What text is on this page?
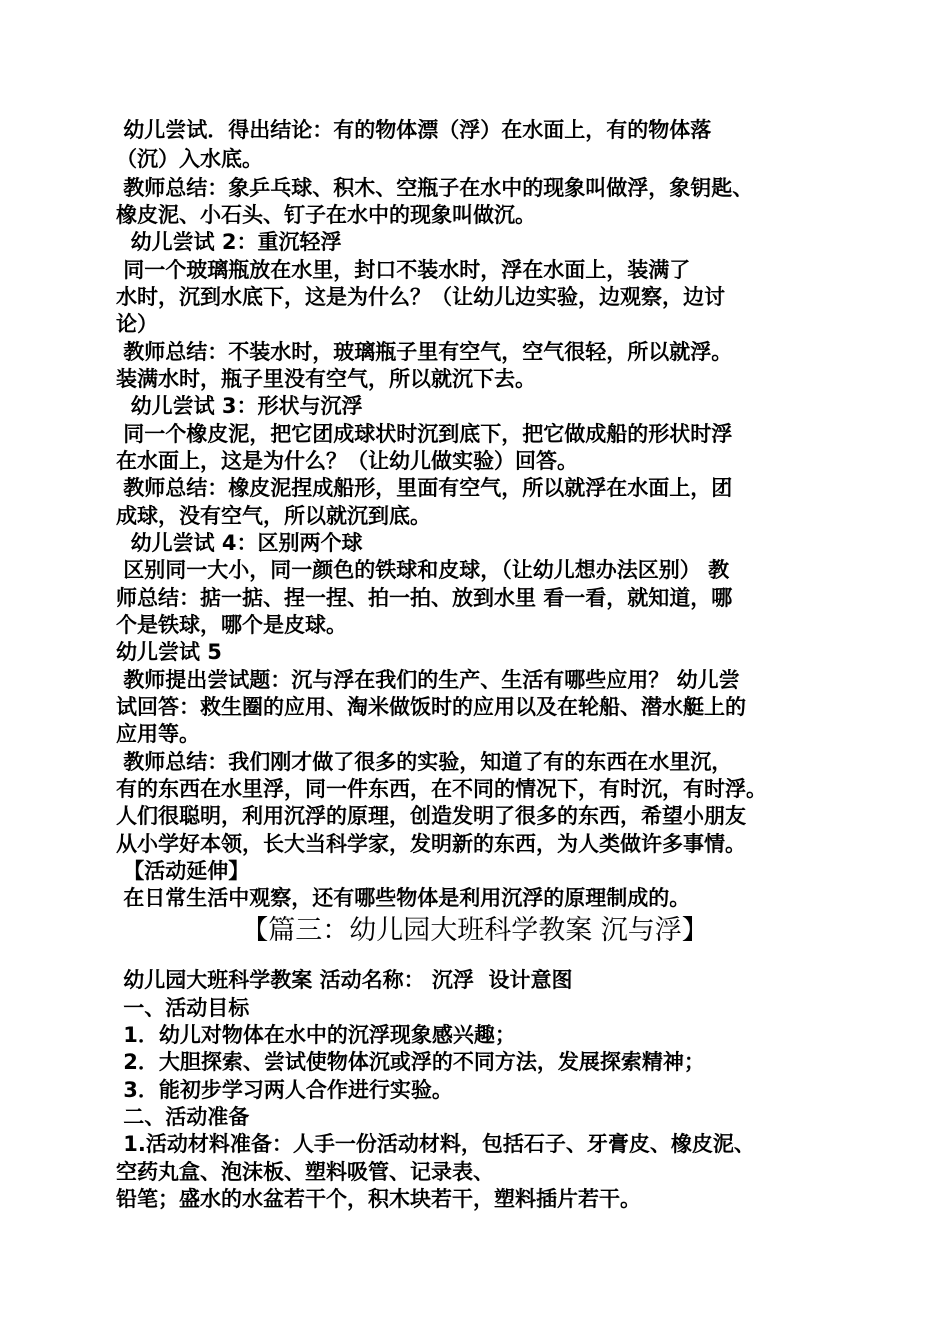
幼儿尝试．得出结论：有的物体漂（浮）在水面上，有的物体落
（沉）入水底。
教师总结：象乒乓球、积木、空瓶子在水中的现象叫做浮，象钥匙、
橡皮泥、小石头、钉子在水中的现象叫做沉。
幼儿尝试 2：重沉轻浮
同一个玻璃瓶放在水里，封口不装水时，浮在水面上，装满了
水时，沉到水底下，这是为什么？（让幼儿边实验，边观察，边讨
论）
教师总结：不装水时，玻璃瓶子里有空气，空气很轻，所以就浮。
装满水时，瓶子里没有空气，所以就沉下去。
幼儿尝试 3：形状与沉浮
同一个橡皮泥，把它团成球状时沉到底下，把它做成船的形状时浮
在水面上，这是为什么？（让幼儿做实验）回答。
教师总结：橡皮泥捏成船形，里面有空气，所以就浮在水面上，团
成球，没有空气，所以就沉到底。
幼儿尝试 4：区别两个球
区别同一大小，同一颜色的铁球和皮球，（让幼儿想办法区别） 教
师总结：掂一掂、捏一捏、拍一拍、放到水里 看一看，就知道，哪
个是铁球，哪个是皮球。
幼儿尝试 5
教师提出尝试题：沉与浮在我们的生产、生活有哪些应用？ 幼儿尝
试回答：救生圈的应用、淘米做饭时的应用以及在轮船、潜水艇上的
应用等。
教师总结：我们刚才做了很多的实验，知道了有的东西在水里沉，
有的东西在水里浮，同一件东西，在不同的情况下，有时沉，有时浮。
人们很聪明，利用沉浮的原理，创造发明了很多的东西，希望小朋友
从小学好本领，长大当科学家，发明新的东西，为人类做许多事情。
【活动延伸】
在日常生活中观察，还有哪些物体是利用沉浮的原理制成的。
【篇三：幼儿园大班科学教案 沉与浮】
幼儿园大班科学教案 活动名称： 沉浮  设计意图
一、活动目标
1．幼儿对物体在水中的沉浮现象感兴趣；
2．大胆探索、尝试使物体沉或浮的不同方法，发展探索精神；
3．能初步学习两人合作进行实验。
二、活动准备
1.活动材料准备：人手一份活动材料，包括石子、牙膏皮、橡皮泥、
空药丸盒、泡沫板、塑料吸管、记录表、
铅笔；盛水的水盆若干个，积木块若干，塑料插片若干。
